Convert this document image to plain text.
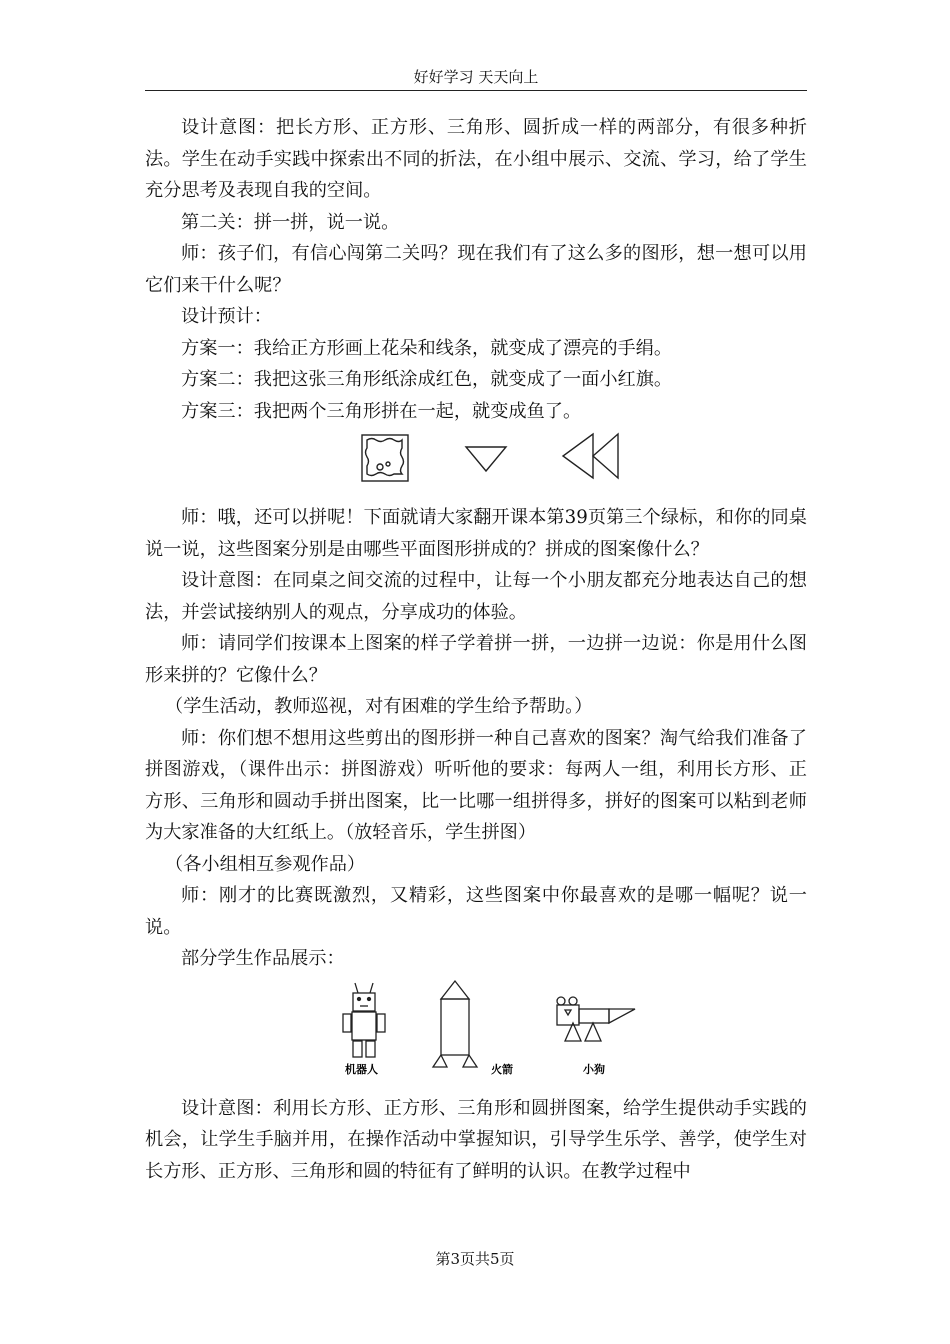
好好学习 天天向上

设计意图：把长方形、正方形、三角形、圆折成一样的两部分，有很多种折法。学生在动手实践中探索出不同的折法，在小组中展示、交流、学习，给了学生充分思考及表现自我的空间。

第二关：拼一拼，说一说。

师：孩子们，有信心闯第二关吗？现在我们有了这么多的图形，想一想可以用它们来干什么呢？

设计预计：

方案一：我给正方形画上花朵和线条，就变成了漂亮的手绢。

方案二：我把这张三角形纸涂成红色，就变成了一面小红旗。

方案三：我把两个三角形拼在一起，就变成鱼了。

师：哦，还可以拼呢！下面就请大家翻开课本第39页第三个绿标，和你的同桌说一说，这些图案分别是由哪些平面图形拼成的？拼成的图案像什么？

设计意图：在同桌之间交流的过程中，让每一个小朋友都充分地表达自己的想法，并尝试接纳别人的观点，分享成功的体验。

师：请同学们按课本上图案的样子学着拼一拼，一边拼一边说：你是用什么图形来拼的？它像什么？

（学生活动，教师巡视，对有困难的学生给予帮助。）

师：你们想不想用这些剪出的图形拼一种自己喜欢的图案？淘气给我们准备了拼图游戏，（课件出示：拼图游戏）听听他的要求：每两人一组，利用长方形、正方形、三角形和圆动手拼出图案，比一比哪一组拼得多，拼好的图案可以粘到老师为大家准备的大红纸上。（放轻音乐，学生拼图）

（各小组相互参观作品）

师：刚才的比赛既激烈，又精彩，这些图案中你最喜欢的是哪一幅呢？说一说。

部分学生作品展示：

机器人	火箭	小狗

设计意图：利用长方形、正方形、三角形和圆拼图案，给学生提供动手实践的机会，让学生手脑并用，在操作活动中掌握知识，引导学生乐学、善学，使学生对长方形、正方形、三角形和圆的特征有了鲜明的认识。在教学过程中

第3页共5页
